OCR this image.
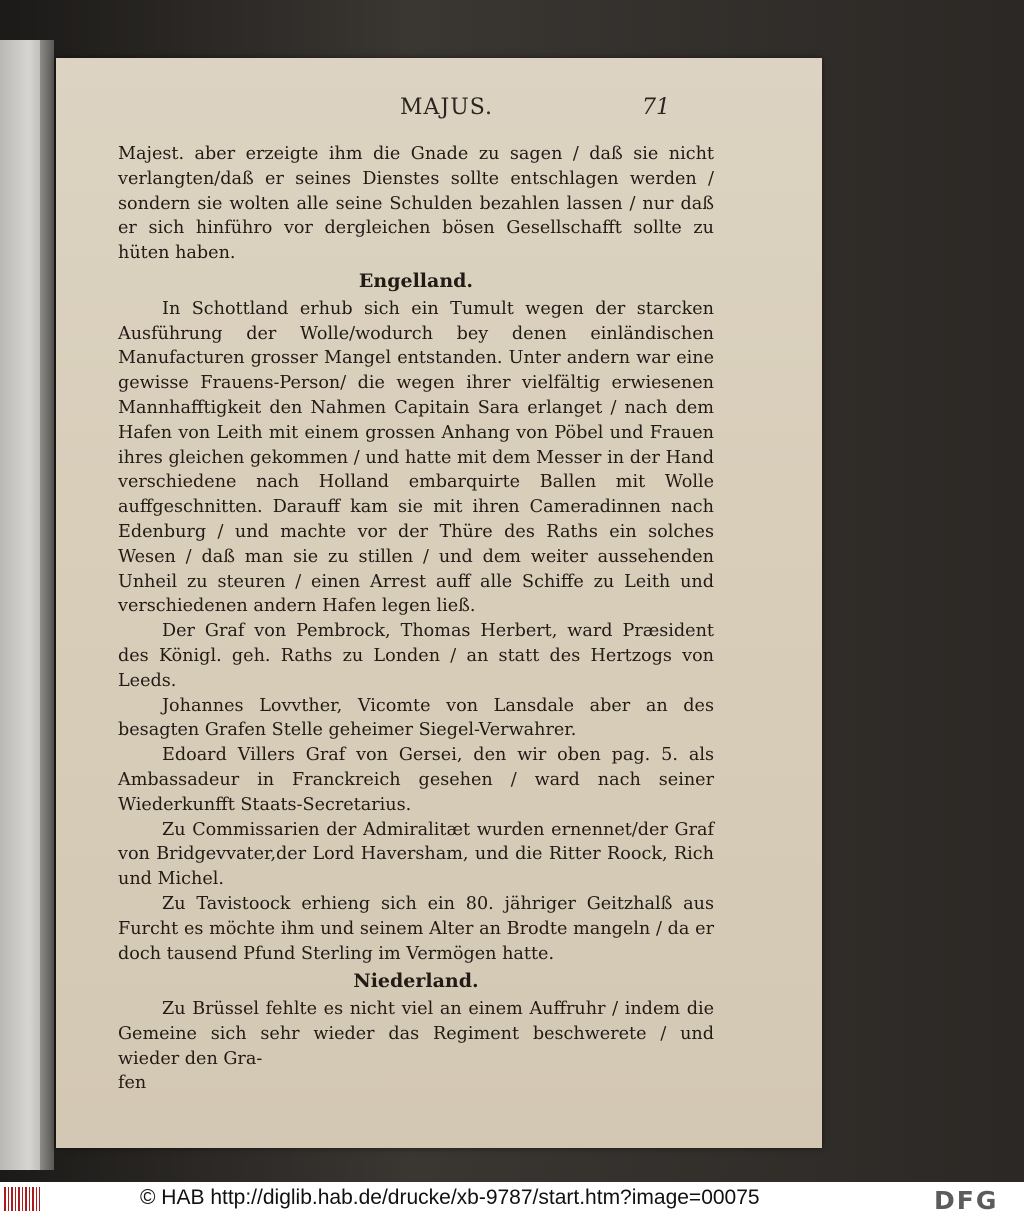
MAJUS.	71

Majest. aber erzeigte ihm die Gnade zu sagen / daß sie nicht verlangten/daß er seines Dienstes sollte entschlagen werden / sondern sie wolten alle seine Schulden bezahlen lassen / nur daß er sich hinführo vor dergleichen bösen Gesellschafft sollte zu hüten haben.

Engelland.

In Schottland erhub sich ein Tumult wegen der starcken Ausführung der Wolle/wodurch bey denen einländischen Manufacturen grosser Mangel entstanden. Unter andern war eine gewisse Frauens-Person/ die wegen ihrer vielfältig erwiesenen Mannhafftigkeit den Nahmen Capitain Sara erlanget / nach dem Hafen von Leith mit einem grossen Anhang von Pöbel und Frauen ihres gleichen gekommen / und hatte mit dem Messer in der Hand verschiedene nach Holland embarquirte Ballen mit Wolle auffgeschnitten. Darauff kam sie mit ihren Cameradinnen nach Edenburg / und machte vor der Thüre des Raths ein solches Wesen / daß man sie zu stillen / und dem weiter aussehenden Unheil zu steuren / einen Arrest auff alle Schiffe zu Leith und verschiedenen andern Hafen legen ließ.

Der Graf von Pembrock, Thomas Herbert, ward Præsident des Königl. geh. Raths zu Londen / an statt des Hertzogs von Leeds.

Johannes Lovvther, Vicomte von Lansdale aber an des besagten Grafen Stelle geheimer Siegel-Verwahrer.

Edoard Villers Graf von Gersei, den wir oben pag. 5. als Ambassadeur in Franckreich gesehen / ward nach seiner Wiederkunfft Staats-Secretarius.

Zu Commissarien der Admiralitæt wurden ernennet/der Graf von Bridgevvater,der Lord Haversham, und die Ritter Roock, Rich und Michel.

Zu Tavistoock erhieng sich ein 80. jähriger Geitzhalß aus Furcht es möchte ihm und seinem Alter an Brodte mangeln / da er doch tausend Pfund Sterling im Vermögen hatte.

Niederland.

Zu Brüssel fehlte es nicht viel an einem Auffruhr / indem die Gemeine sich sehr wieder das Regiment beschwerete / und wieder den Gra-

fen

© HAB http://diglib.hab.de/drucke/xb-9787/start.htm?image=00075	DFG
